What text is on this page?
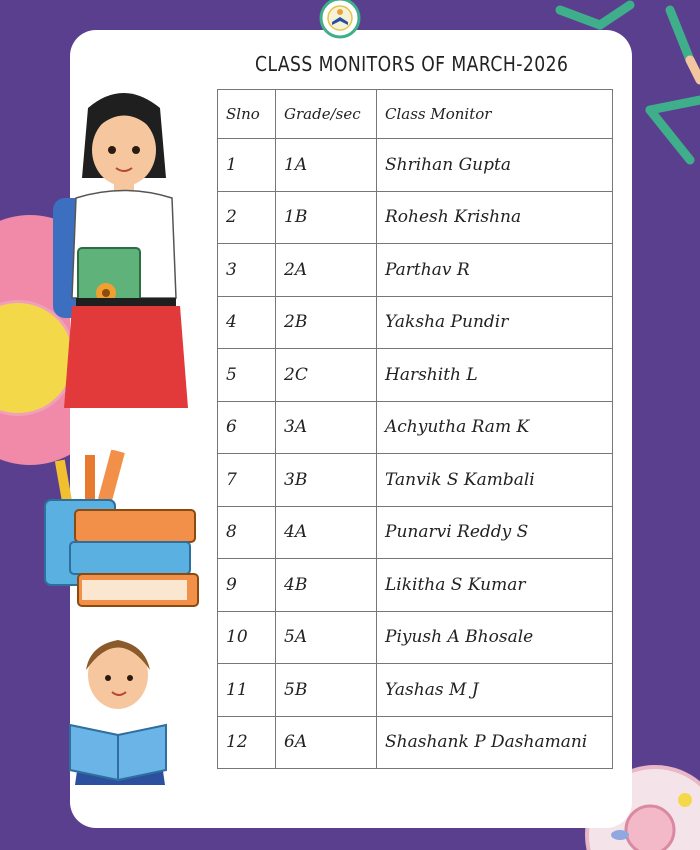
CLASS MONITORS OF MARCH-2026
Slno	Grade/sec	Class Monitor
1	1A	Shrihan Gupta
2	1B	Rohesh Krishna
3	2A	Parthav R
4	2B	Yaksha Pundir
5	2C	Harshith L
6	3A	Achyutha Ram K
7	3B	Tanvik S Kambali
8	4A	Punarvi Reddy S
9	4B	Likitha S Kumar
10	5A	Piyush A Bhosale
11	5B	Yashas M J
12	6A	Shashank P Dashamani
